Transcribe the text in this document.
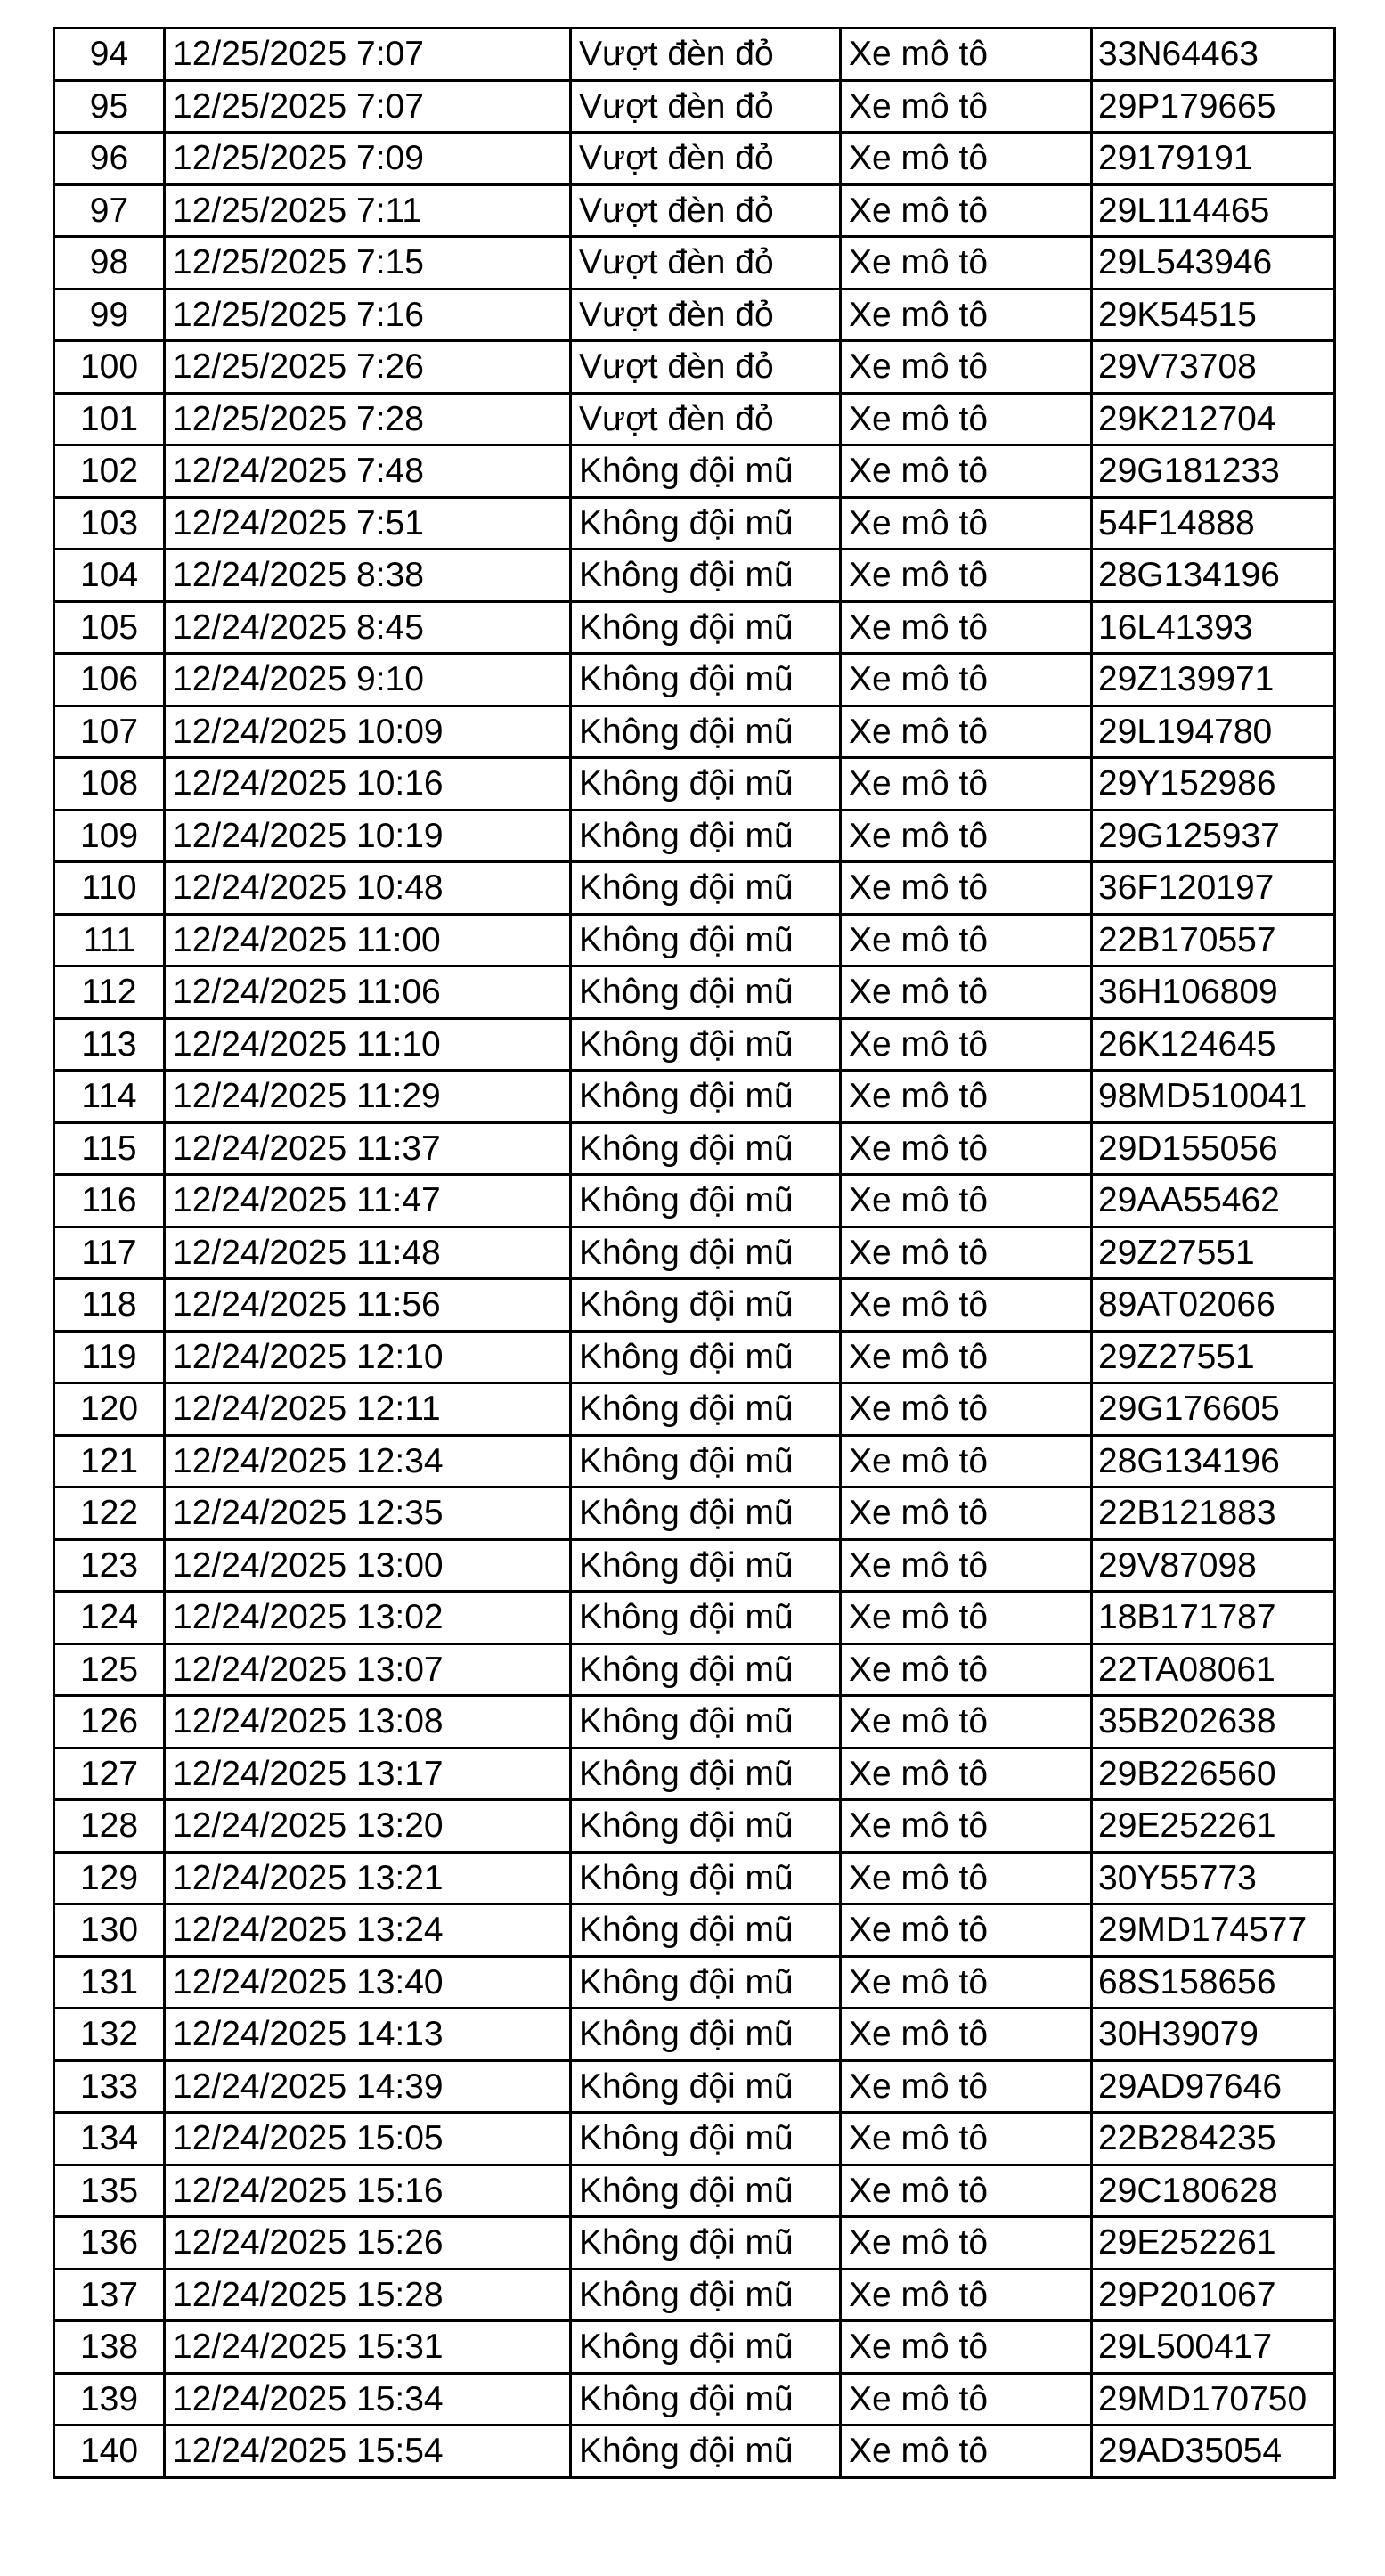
94	12/25/2025 7:07	Vượt đèn đỏ	Xe mô tô	33N64463
95	12/25/2025 7:07	Vượt đèn đỏ	Xe mô tô	29P179665
96	12/25/2025 7:09	Vượt đèn đỏ	Xe mô tô	29179191
97	12/25/2025 7:11	Vượt đèn đỏ	Xe mô tô	29L114465
98	12/25/2025 7:15	Vượt đèn đỏ	Xe mô tô	29L543946
99	12/25/2025 7:16	Vượt đèn đỏ	Xe mô tô	29K54515
100	12/25/2025 7:26	Vượt đèn đỏ	Xe mô tô	29V73708
101	12/25/2025 7:28	Vượt đèn đỏ	Xe mô tô	29K212704
102	12/24/2025 7:48	Không đội mũ	Xe mô tô	29G181233
103	12/24/2025 7:51	Không đội mũ	Xe mô tô	54F14888
104	12/24/2025 8:38	Không đội mũ	Xe mô tô	28G134196
105	12/24/2025 8:45	Không đội mũ	Xe mô tô	16L41393
106	12/24/2025 9:10	Không đội mũ	Xe mô tô	29Z139971
107	12/24/2025 10:09	Không đội mũ	Xe mô tô	29L194780
108	12/24/2025 10:16	Không đội mũ	Xe mô tô	29Y152986
109	12/24/2025 10:19	Không đội mũ	Xe mô tô	29G125937
110	12/24/2025 10:48	Không đội mũ	Xe mô tô	36F120197
111	12/24/2025 11:00	Không đội mũ	Xe mô tô	22B170557
112	12/24/2025 11:06	Không đội mũ	Xe mô tô	36H106809
113	12/24/2025 11:10	Không đội mũ	Xe mô tô	26K124645
114	12/24/2025 11:29	Không đội mũ	Xe mô tô	98MD510041
115	12/24/2025 11:37	Không đội mũ	Xe mô tô	29D155056
116	12/24/2025 11:47	Không đội mũ	Xe mô tô	29AA55462
117	12/24/2025 11:48	Không đội mũ	Xe mô tô	29Z27551
118	12/24/2025 11:56	Không đội mũ	Xe mô tô	89AT02066
119	12/24/2025 12:10	Không đội mũ	Xe mô tô	29Z27551
120	12/24/2025 12:11	Không đội mũ	Xe mô tô	29G176605
121	12/24/2025 12:34	Không đội mũ	Xe mô tô	28G134196
122	12/24/2025 12:35	Không đội mũ	Xe mô tô	22B121883
123	12/24/2025 13:00	Không đội mũ	Xe mô tô	29V87098
124	12/24/2025 13:02	Không đội mũ	Xe mô tô	18B171787
125	12/24/2025 13:07	Không đội mũ	Xe mô tô	22TA08061
126	12/24/2025 13:08	Không đội mũ	Xe mô tô	35B202638
127	12/24/2025 13:17	Không đội mũ	Xe mô tô	29B226560
128	12/24/2025 13:20	Không đội mũ	Xe mô tô	29E252261
129	12/24/2025 13:21	Không đội mũ	Xe mô tô	30Y55773
130	12/24/2025 13:24	Không đội mũ	Xe mô tô	29MD174577
131	12/24/2025 13:40	Không đội mũ	Xe mô tô	68S158656
132	12/24/2025 14:13	Không đội mũ	Xe mô tô	30H39079
133	12/24/2025 14:39	Không đội mũ	Xe mô tô	29AD97646
134	12/24/2025 15:05	Không đội mũ	Xe mô tô	22B284235
135	12/24/2025 15:16	Không đội mũ	Xe mô tô	29C180628
136	12/24/2025 15:26	Không đội mũ	Xe mô tô	29E252261
137	12/24/2025 15:28	Không đội mũ	Xe mô tô	29P201067
138	12/24/2025 15:31	Không đội mũ	Xe mô tô	29L500417
139	12/24/2025 15:34	Không đội mũ	Xe mô tô	29MD170750
140	12/24/2025 15:54	Không đội mũ	Xe mô tô	29AD35054
